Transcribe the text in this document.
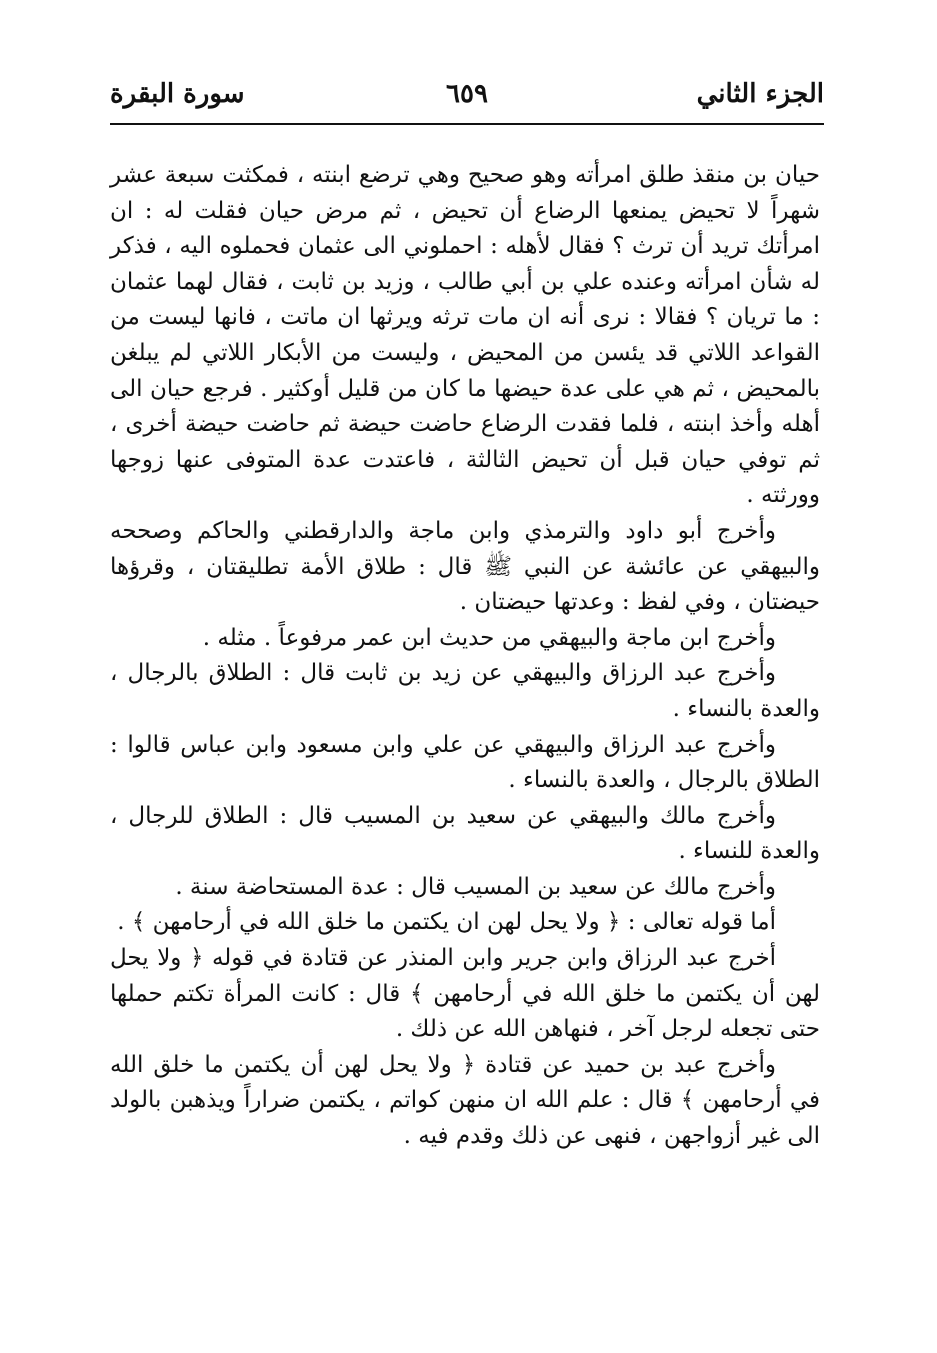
الجزء الثاني
٦٥٩
سورة البقرة

حيان بن منقذ طلق امرأته وهو صحيح وهي ترضع ابنته ، فمكثت سبعة عشر شهراً لا تحيض يمنعها الرضاع أن تحيض ، ثم مرض حيان فقلت له : ان امرأتك تريد أن ترث ؟ فقال لأهله : احملوني الى عثمان فحملوه اليه ، فذكر له شأن امرأته وعنده علي بن أبي طالب ، وزيد بن ثابت ، فقال لهما عثمان : ما تريان ؟ فقالا : نرى أنه ان مات ترثه ويرثها ان ماتت ، فانها ليست من القواعد اللاتي قد يئسن من المحيض ، وليست من الأبكار اللاتي لم يبلغن بالمحيض ، ثم هي على عدة حيضها ما كان من قليل أوكثير . فرجع حيان الى أهله وأخذ ابنته ، فلما فقدت الرضاع حاضت حيضة ثم حاضت حيضة أخرى ، ثم توفي حيان قبل أن تحيض الثالثة ، فاعتدت عدة المتوفى عنها زوجها وورثته .

وأخرج أبو داود والترمذي وابن ماجة والدارقطني والحاكم وصححه والبيهقي عن عائشة عن النبي ﷺ قال : طلاق الأمة تطليقتان ، وقرؤها حيضتان ، وفي لفظ : وعدتها حيضتان .

وأخرج ابن ماجة والبيهقي من حديث ابن عمر مرفوعاً . مثله .

وأخرج عبد الرزاق والبيهقي عن زيد بن ثابت قال : الطلاق بالرجال ، والعدة بالنساء .

وأخرج عبد الرزاق والبيهقي عن علي وابن مسعود وابن عباس قالوا : الطلاق بالرجال ، والعدة بالنساء .

وأخرج مالك والبيهقي عن سعيد بن المسيب قال : الطلاق للرجال ، والعدة للنساء .

وأخرج مالك عن سعيد بن المسيب قال : عدة المستحاضة سنة .

أما قوله تعالى : ﴿ ولا يحل لهن ان يكتمن ما خلق الله في أرحامهن ﴾ .

أخرج عبد الرزاق وابن جرير وابن المنذر عن قتادة في قوله ﴿ ولا يحل لهن أن يكتمن ما خلق الله في أرحامهن ﴾ قال : كانت المرأة تكتم حملها حتى تجعله لرجل آخر ، فنهاهن الله عن ذلك .

وأخرج عبد بن حميد عن قتادة ﴿ ولا يحل لهن أن يكتمن ما خلق الله في أرحامهن ﴾ قال : علم الله ان منهن كواتم ، يكتمن ضراراً ويذهبن بالولد الى غير أزواجهن ، فنهى عن ذلك وقدم فيه .
